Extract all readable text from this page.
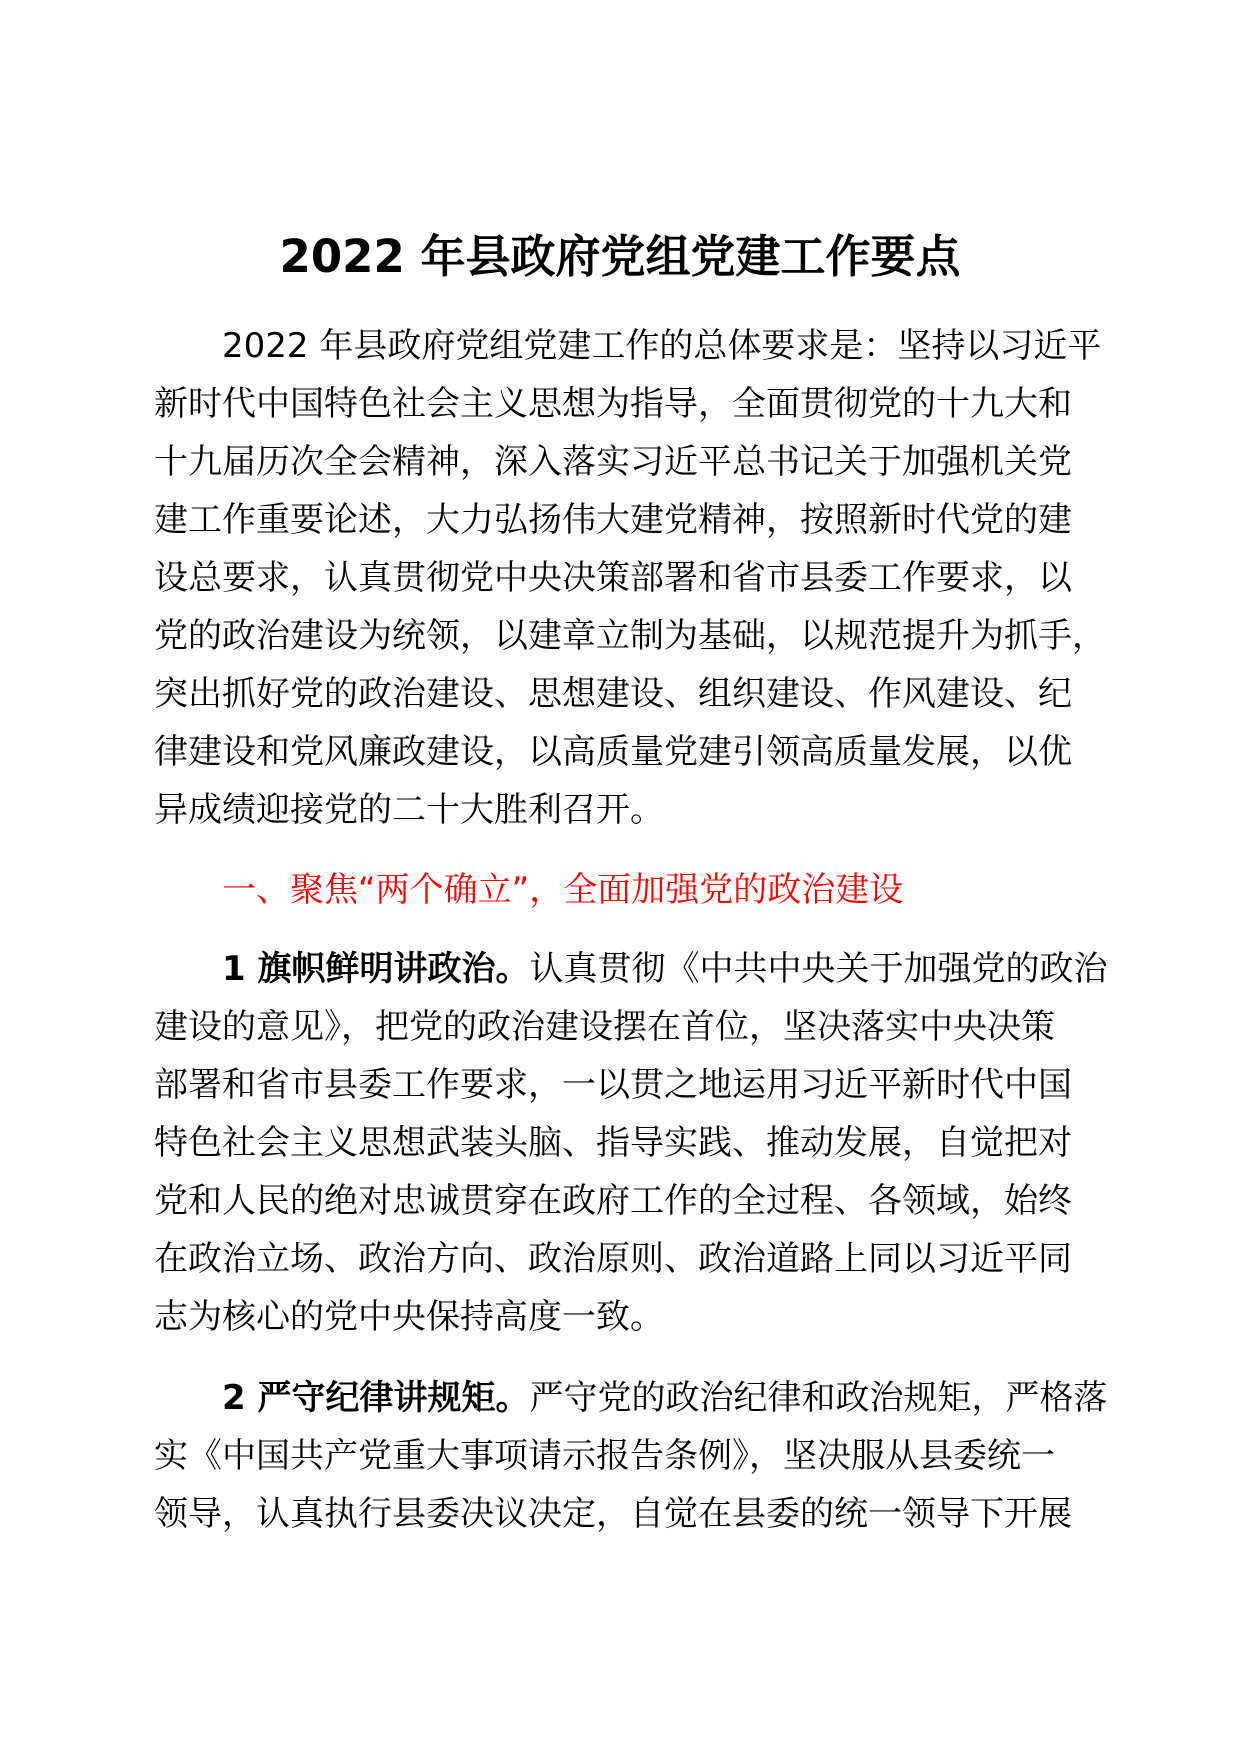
2022 年县政府党组党建工作要点
2022 年县政府党组党建工作的总体要求是：坚持以习近平
新时代中国特色社会主义思想为指导，全面贯彻党的十九大和
十九届历次全会精神，深入落实习近平总书记关于加强机关党
建工作重要论述，大力弘扬伟大建党精神，按照新时代党的建
设总要求，认真贯彻党中央决策部署和省市县委工作要求，以
党的政治建设为统领，以建章立制为基础，以规范提升为抓手，
突出抓好党的政治建设、思想建设、组织建设、作风建设、纪
律建设和党风廉政建设，以高质量党建引领高质量发展，以优
异成绩迎接党的二十大胜利召开。
一、聚焦“两个确立”，全面加强党的政治建设
1 旗帜鲜明讲政治。认真贯彻《中共中央关于加强党的政治
建设的意见》，把党的政治建设摆在首位，坚决落实中央决策
部署和省市县委工作要求，一以贯之地运用习近平新时代中国
特色社会主义思想武装头脑、指导实践、推动发展，自觉把对
党和人民的绝对忠诚贯穿在政府工作的全过程、各领域，始终
在政治立场、政治方向、政治原则、政治道路上同以习近平同
志为核心的党中央保持高度一致。
2 严守纪律讲规矩。严守党的政治纪律和政治规矩，严格落
实《中国共产党重大事项请示报告条例》，坚决服从县委统一
领导，认真执行县委决议决定，自觉在县委的统一领导下开展
